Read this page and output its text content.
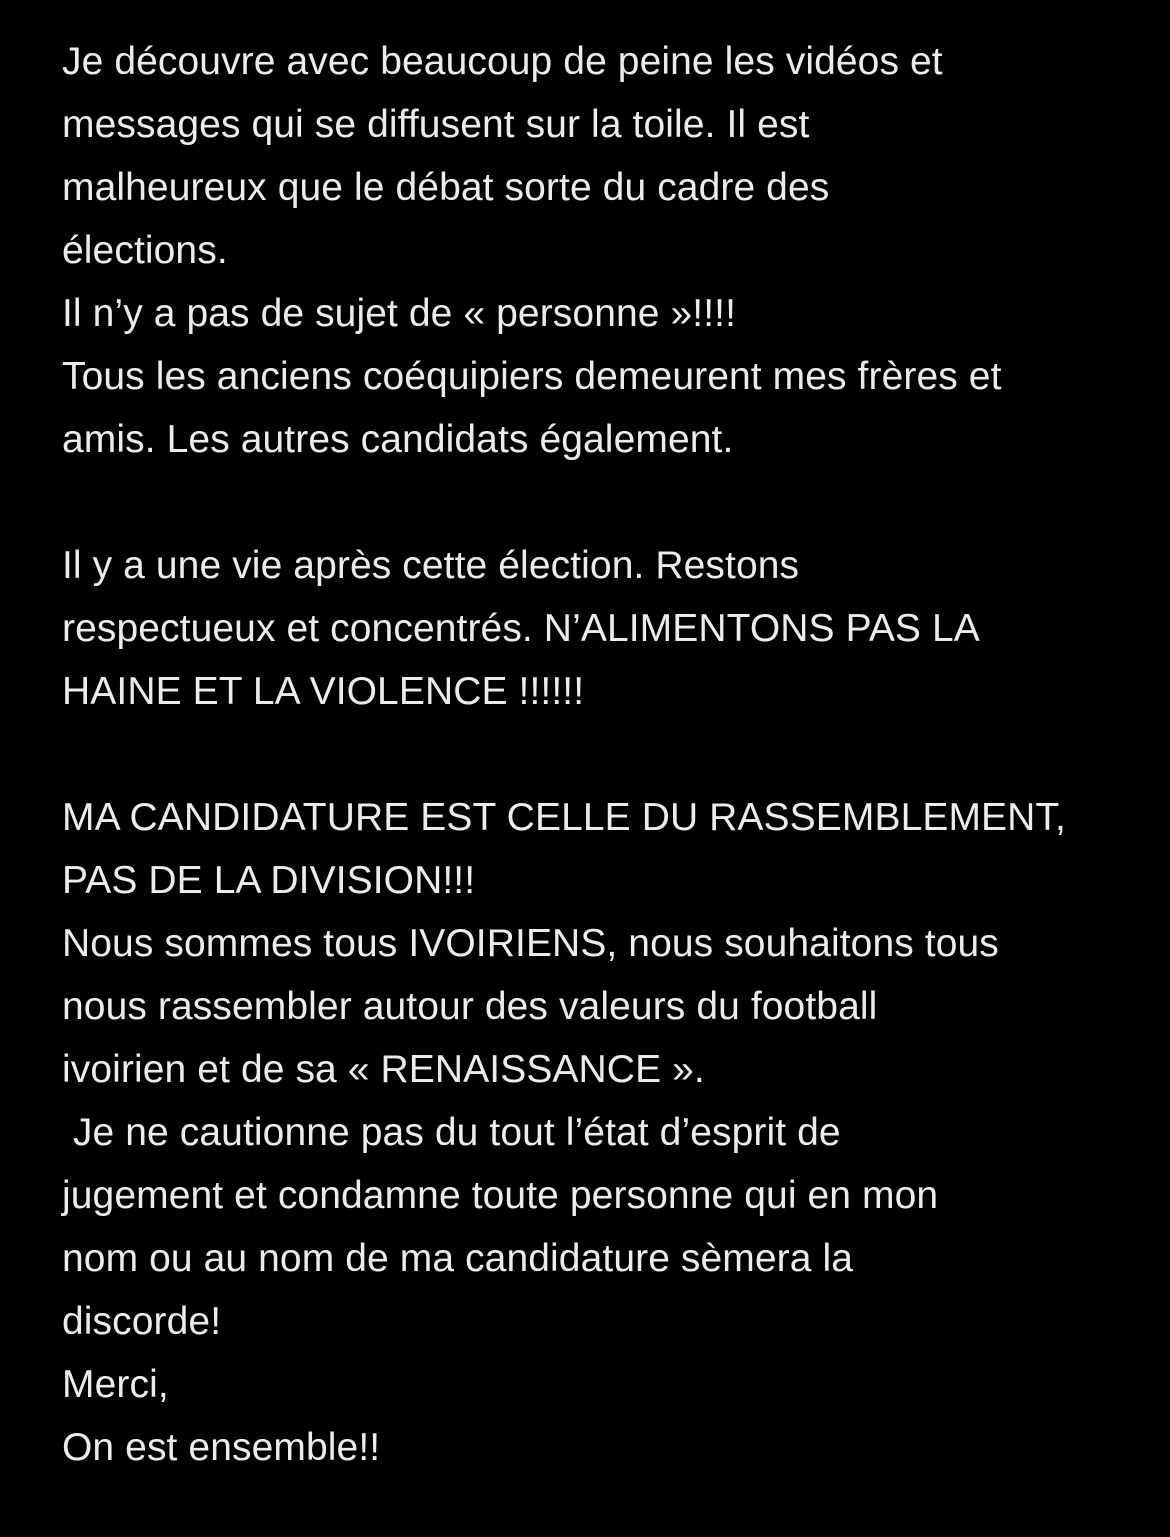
Je découvre avec beaucoup de peine les vidéos et
messages qui se diffusent sur la toile. Il est
malheureux que le débat sorte du cadre des
élections.
Il n’y a pas de sujet de « personne »!!!!
Tous les anciens coéquipiers demeurent mes frères et
amis. Les autres candidats également.
Il y a une vie après cette élection. Restons
respectueux et concentrés. N’ALIMENTONS PAS LA
HAINE ET LA VIOLENCE !!!!!!
MA CANDIDATURE EST CELLE DU RASSEMBLEMENT,
PAS DE LA DIVISION!!!
Nous sommes tous IVOIRIENS, nous souhaitons tous
nous rassembler autour des valeurs du football
ivoirien et de sa « RENAISSANCE ».
Je ne cautionne pas du tout l’état d’esprit de
jugement et condamne toute personne qui en mon
nom ou au nom de ma candidature sèmera la
discorde!
Merci,
On est ensemble!!
